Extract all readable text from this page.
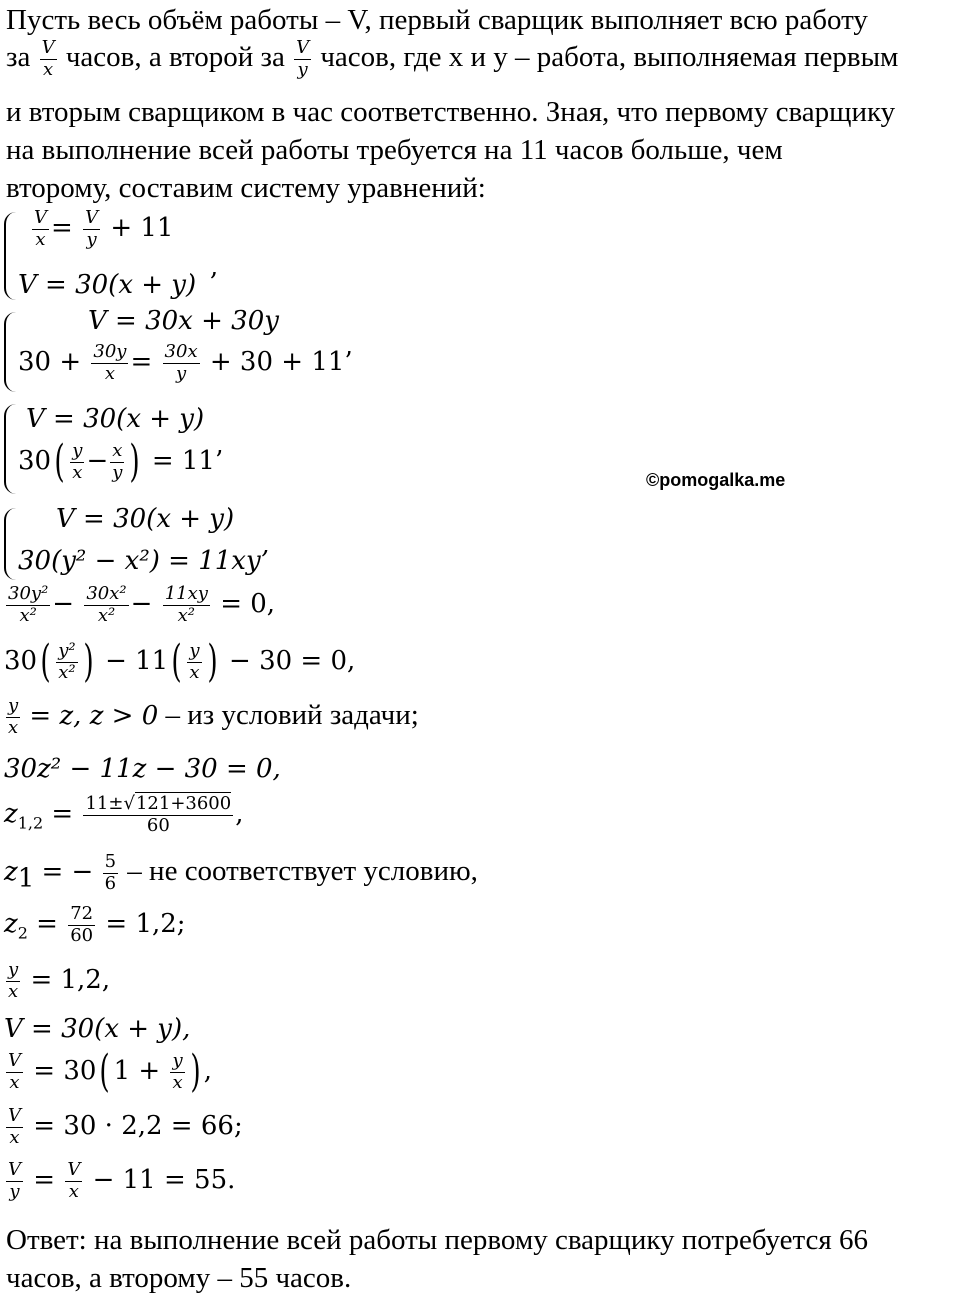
Пусть весь объём работы – V, первый сварщик выполняет всю работу
за $\frac{V}{x}$ часов, а второй за $\frac{V}{y}$ часов, где x и y – работа, выполняемая первым
и вторым сварщиком в час соответственно. Зная, что первому сварщику
на выполнение всей работы требуется на 11 часов больше, чем
второму, составим систему уравнений:
$\frac{V}{x} = \frac{V}{y} + 11$
V = 30(x + y)
,
V = 30x + 30y
$30 + \frac{30y}{x} = \frac{30x}{y} + 30 + 11$’
V = 30(x + y)
$30( \frac{y}{x} - \frac{x}{y}$ ) = 11’
©pomogalka.me
V = 30(x + y)
30(y² − x²) = 11xy’
$\frac{\text{30y²}}{\text{x²}} - \frac{\text{30x²}}{\text{x²}} - \frac{11xy}{\text{x²}} = 0$,
$30( \frac{\text{y²}}{\text{x²}}$ ) − $11( \frac{y}{x}$ ) − 30 = 0,
$\frac{y}{x} = z$, z > 0 – из условий задачи;
30z² − 11z − 30 = 0,
$z_{1,2} = \frac{11\pm√121+3600}{60}$ ,
$z_1$ = − $\frac{5}{6}$ – не соответствует условию,
$z_2 = \frac{72}{60} = 1,2$;
$\frac{y}{x} = 1,2$,
V = 30(x + y),
$\frac{V}{x} = 30$( $1 + \frac{y}{x}$ ) ,
$\frac{V}{x} = 30 \cdot 2,2 = 66$;
$\frac{V}{y} = \frac{V}{x} - 11 = 55$.
Ответ: на выполнение всей работы первому сварщику потребуется 66
часов, а второму – 55 часов.
